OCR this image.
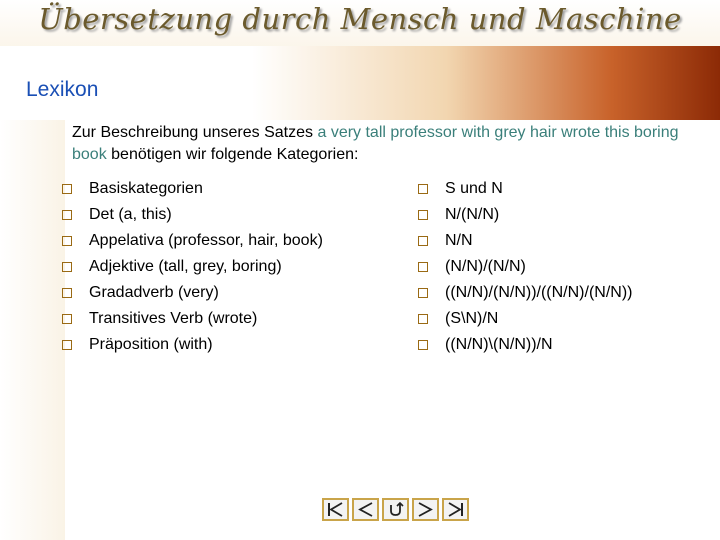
Übersetzung durch Mensch und Maschine
Lexikon
Zur Beschreibung unseres Satzes a very tall professor with grey hair wrote this boring book benötigen wir folgende Kategorien:
Basiskategorien
Det (a, this)
Appelativa (professor, hair, book)
Adjektive (tall, grey, boring)
Gradadverb (very)
Transitives Verb (wrote)
Präposition (with)
S und N
N/(N/N)
N/N
(N/N)/(N/N)
((N/N)/(N/N))/((N/N)/(N/N))
(S\N)/N
((N/N)\(N/N))/N
